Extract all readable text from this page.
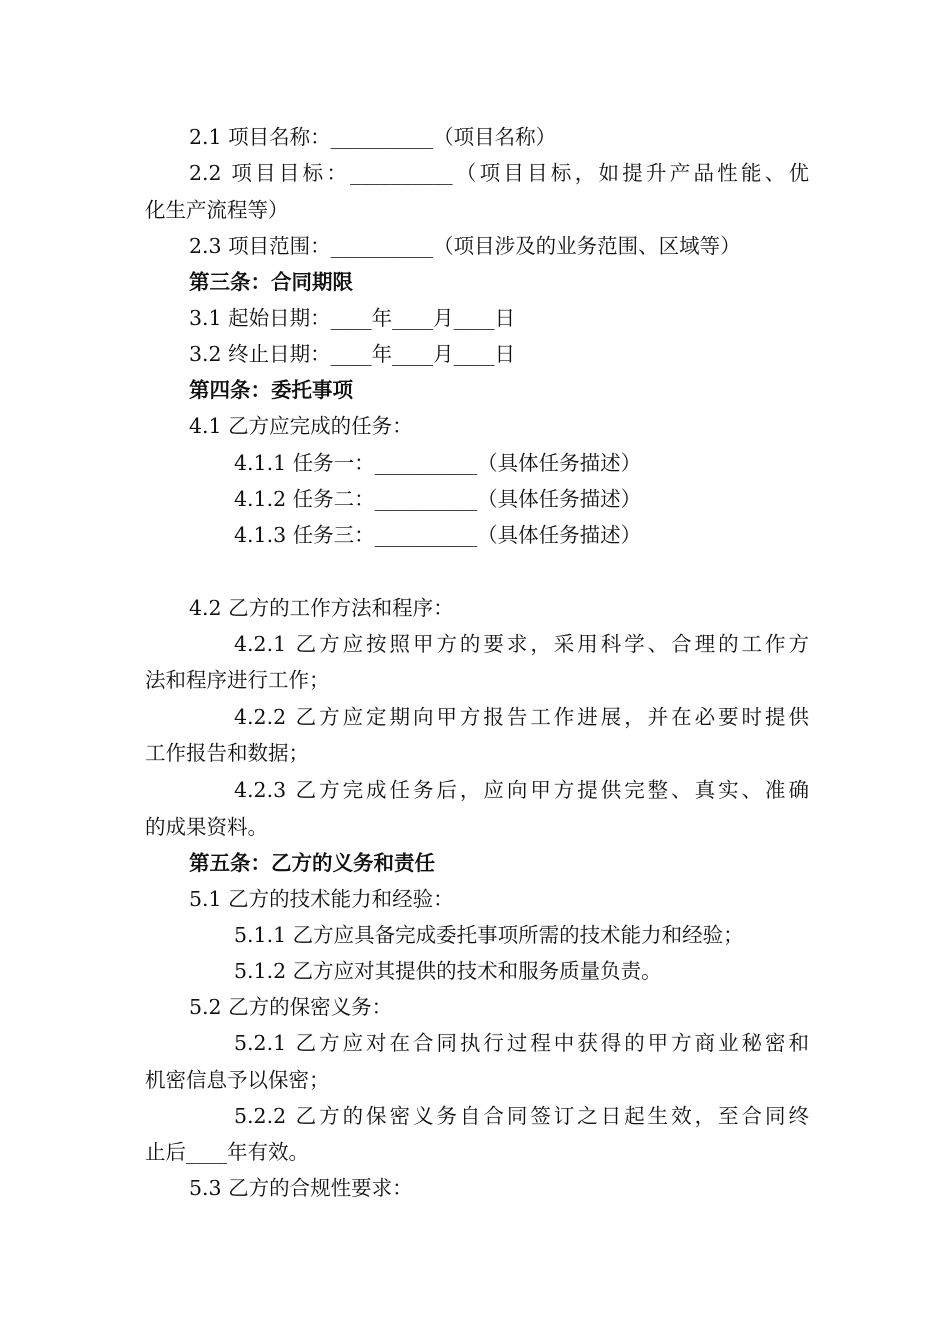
2.1 项目名称：__________（项目名称）
2.2 项目目标：__________（项目目标，如提升产品性能、优
化生产流程等）
2.3 项目范围：__________（项目涉及的业务范围、区域等）
第三条：合同期限
3.1 起始日期：____年____月____日
3.2 终止日期：____年____月____日
第四条：委托事项
4.1 乙方应完成的任务：
4.1.1 任务一：__________（具体任务描述）
4.1.2 任务二：__________（具体任务描述）
4.1.3 任务三：__________（具体任务描述）
4.2 乙方的工作方法和程序：
4.2.1 乙方应按照甲方的要求，采用科学、合理的工作方
法和程序进行工作；
4.2.2 乙方应定期向甲方报告工作进展，并在必要时提供
工作报告和数据；
4.2.3 乙方完成任务后，应向甲方提供完整、真实、准确
的成果资料。
第五条：乙方的义务和责任
5.1 乙方的技术能力和经验：
5.1.1 乙方应具备完成委托事项所需的技术能力和经验；
5.1.2 乙方应对其提供的技术和服务质量负责。
5.2 乙方的保密义务：
5.2.1 乙方应对在合同执行过程中获得的甲方商业秘密和
机密信息予以保密；
5.2.2 乙方的保密义务自合同签订之日起生效，至合同终
止后____年有效。
5.3 乙方的合规性要求：
